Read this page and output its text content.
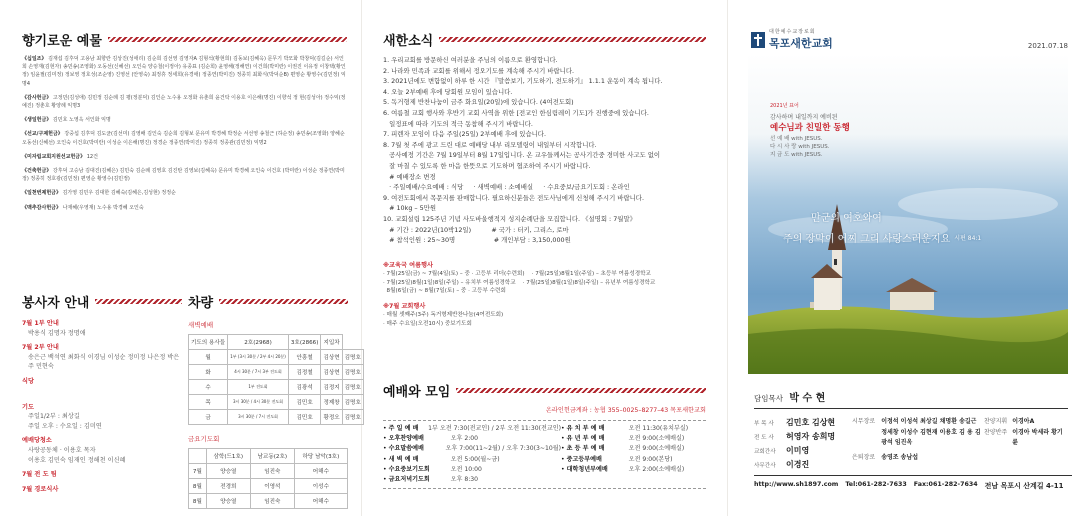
향기로운 예물
《십일조》 김재섭 김후덕 고용남 최향란 김상진(성애리) 김순희 김선영 김영자A 김형석(황현희) 김동보(김혜옥) 문무기 박모화 박창덕(김길순) 서인희 손영재(김현자) 송민송(조영화) 오동선(신혜선) 오인숙 양승철(이정아) 유종표 (김순희) 윤영해(정해연) 이건희(박미란) 이권진 이유정 이창택(황인정) 임윤필(김미정) 정보영 정호성(조순영) 진영선 (안영숙) 최정휴 정세희(유경애) 정종연(박미진) 정종히 최화식(박덕순B) 편영순 황영수(김민정) 익명4
《감사헌금》 고정민(김성애) 김민정 김순례 김 평(정분덕) 김인순 노수용 오정화 유춘희 윤건탁 이용호 이은해(명진) 이향석 정 현(김성아) 정수익(정예진) 정춘호 황양례 익명3
《생일헌금》 김민호 노영옥 서인화 익명
《선교/구제헌금》 강중섭 김후덕 김도균(김선미) 김영배 김인숙 김순희 김형보 문유미 박경혜 박정순 서선영 송철근 (하순정) 송민송(조영화) 양혜순 오동선(신혜선) 오인숙 이건호(박미란) 이성순 이은해(명진) 정경순 정종연(박미진) 정종히 정종관(김민정) 익명2
《미자립교회지원선교헌금》 12건
《건축헌금》 강후덕 고승남 김대진(김혜은) 김민숙 김순례 김영호 김진탄 김영보(김혜옥) 문유미 박경혜 오인숙 이건호 (박미란) 이성순 정종연(박미정) 정종히 정호광(김민정) 편영순 황영수(김민정)
《일천번제헌금》 김가영 김민우 김대한 김혜숙(김혜은,김성현) 정정순
《맥추감사헌금》 나재혜(우영재) 노수용 박경혜 오인숙
봉사자 안내
7월 1부 안내
박용식 김명자 정명애
7월 2부 안내
송은근 백석연 최화식 이경님 이성순 정미정 나은정 박은주 민현숙
식당
기도
주일1/2부 : 최상길
주일 오후 : 수요일 : 김미연
예배당청소
사랑공동체 · 이용호 목자
이용호 김민숙 임재인 정해천 이신혜
7월 전 도 팀
7월 경로식사
차량
새벽예배
기도의 용사들	2호(2968)	3호(2866)	지입차	
월	1부 (3시 30분 / 2부 4시 20분)	안흥철	김상현	김명호
화	4시 30분 / 7시 3부 전도회	김정철	김상현	김명호
수	1부 전도회	김광석	김정지	김명호
목	3시 30분 / 4시 30분 전도회	김민호	정제창	김명호
금	3시 30분 / 7시 전도회	김민호	황정오	김명호
금요기도회
	삼학(드1호)	남교동(2호)	하당 남악(3호)
7월	양승열	임진숙	어해수
8월	전경희	이영석	이성수
8월	양승열	임진숙	어해수
새한소식
1. 우리교회를 방문하신 여러분을 주님의 이름으로 환영합니다.
2. 나라와 민족과 교회를 위해서 정오기도를 계속해 주시기 바랍니다.
3. 2021년에도 변함없이 하루 한 시간 『말씀보기, 기도하기, 전도하기』 1.1.1 운동이 계속 됩니다.
4. 오늘 2부예배 후에 당회원 모임이 있습니다.
5. 독거형제 반찬나눔이 금주 화요일(20일)에 있습니다. (4여전도회)
6. 여름철 교회 행사와 후반기 교회 사역을 위한 [전교인 한심림레이 기도]가 진행중에 있습니다.
일정표에 따라 기도의 적극 동참해 주시기 바랍니다.
7. 피렌자 모임이 다음 주일(25일) 2부예배 후에 있습니다.
8. 7월 첫 주에 광고 드린 대로 예배당 내부 리모델링이 내일부터 시작합니다.
공사예정 기간은 7월 19일부터 8월 17일입니다. 온 교우들께서는 공사기간중 경미한 사고도 없이
잘 마칠 수 있도록 한 마음 한뜻으로 기도하며 협조하여 주시기 바랍니다.
# 예배장소 변경
· 주일예배/수요예배 : 식당     · 새벽예배 : 소예배실     · 수요중보/금요기도회 : 온라인
9. 여전도회에서 목문지를 판매합니다. 필요하신분들은 전도사님에게 신청해 주시기 바랍니다.
# 10kg – 5만원
10. 교회설립 125주년 기념 사도바울행적지 성지순례단을 모집합니다. 《설명회 : 7월말》
# 기간 : 2022년(10박12일)          # 국가 : 터키, 그리스, 로마
# 참석인원 : 25~30명                   # 개인부담 : 3,150,000원
※교육국 여름행사
· 7월(25일(금) ~ 7월(4일(토) – 중 · 고등부 리더(수련회)    · 7월(25일)8월1일(주일) – 초등부 여름성경학교
· 7월(25일)8월(1일)8일(주일) – 유치부 여름성경학교    · 7월(25일)8월(1일)8일(주일) – 유년부 여름성경학교
8월(6일(금) ~ 8월(7일(토) – 중 · 고등부 수련회
※7월 교회행사
· 매월 셋째주(3주) 독거형제반찬나눔(4여전도회)
· 매주 수요일(오전10시) 중보기도회
예배와 모임
온라인헌금계좌 : 농협 355–0025–8277–43 목포새한교회
• 주 일 예 배	1부 오전 7:30(전교인) / 2부 오전 11:30(전교인)
• 오후찬양예배	오후 2:00
• 수요말씀예배	오후 7:00(11~2월) / 오후 7:30(3~10월)
• 새 벽 예 배	오전 5:00(월~금)
• 수요중보기도회	오전 10:00
• 금요저녁기도회	오후 8:30
• 유 치 부 예 배	오전 11:30(유치부실)
• 유 년 부 예 배	오전 9:00(소예배실)
• 초 등 부 예 배	오전 9:00(소예배실)
• 중고등부예배	오전 9:00(본당)
• 대학청년부예배	오후 2:00(소예배실)
대한예수교장로회
목포새한교회	2021.07.18
2021년 표어
감사하며 내일까지 예비된
예수님과 친밀한 동행
선 예 배 with JESUS.
다 시 사 랑 with JESUS.
지 금 도 with JESUS.
만군의 여호와여
주의 장막이 어찌 그리 사랑스러운지요 시편 84:1
담임목사 박 수 현
부 목 사	김민호 김상현
전 도 사	허영자 송희명
교회간사	이미영
사무간사	이경진
시무장로 이정석 이성석 최상길 채명환 송길근 정세창 이성수 김현재 이용호 김 용 김광석 임진옥
은퇴장로 송영조 송남섭
찬양지휘 이경아A
찬양반주 이경아 박세라 황기륜
http://www.sh1897.com Tel:061-282-7633 Fax:061-282-7634 전남 목포시 산계길 4-11
